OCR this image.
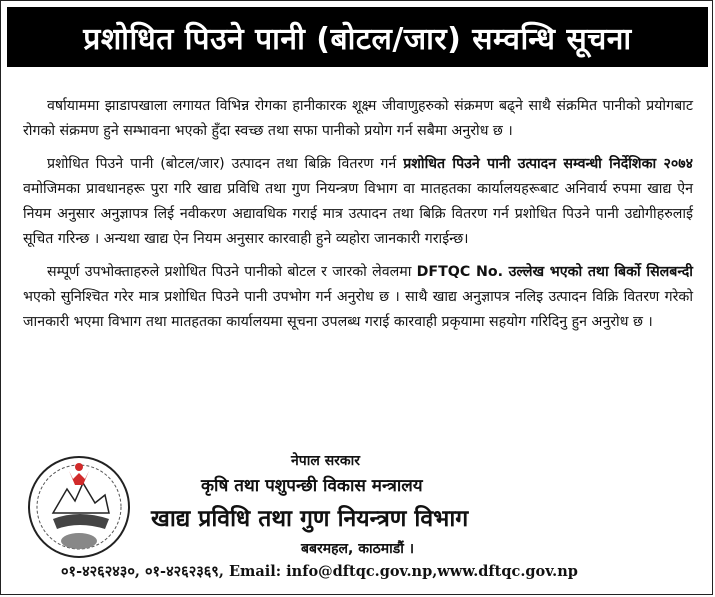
प्रशोधित पिउने पानी (बोटल/जार) सम्वन्धि सूचना

वर्षायाममा झाडापखाला लगायत विभिन्न रोगका हानीकारक शूक्ष्म जीवाणुहरुको संक्रमण बढ्ने साथै संक्रमित पानीको प्रयोगबाट रोगको संक्रमण हुने सम्भावना भएको हुँदा स्वच्छ तथा सफा पानीको प्रयोग गर्न सबैमा अनुरोध छ ।

प्रशोधित पिउने पानी (बोटल/जार) उत्पादन तथा बिक्रि वितरण गर्न प्रशोधित पिउने पानी उत्पादन सम्वन्धी निर्देशिका २०७४ वमोजिमका प्रावधानहरू पुरा गरि खाद्य प्रविधि तथा गुण नियन्त्रण विभाग वा मातहतका कार्यालयहरूबाट अनिवार्य रुपमा खाद्य ऐन नियम अनुसार अनुज्ञापत्र लिई नवीकरण अद्यावधिक गराई मात्र उत्पादन तथा बिक्रि वितरण गर्न प्रशोधित पिउने पानी उद्योगीहरुलाई सूचित गरिन्छ । अन्यथा खाद्य ऐन नियम अनुसार कारवाही हुने व्यहोरा जानकारी गराईन्छ।

सम्पूर्ण उपभोक्ताहरुले प्रशोधित पिउने पानीको बोटल र जारको लेवलमा DFTQC No. उल्लेख भएको तथा बिर्को सिलबन्दी भएको सुनिश्चित गरेर मात्र प्रशोधित पिउने पानी उपभोग गर्न अनुरोध छ । साथै खाद्य अनुज्ञापत्र नलिइ उत्पादन विक्रि वितरण गरेको जानकारी भएमा विभाग तथा मातहतका कार्यालयमा सूचना उपलब्ध गराई कारवाही प्रकृयामा सहयोग गरिदिनु हुन अनुरोध छ ।

नेपाल सरकार
कृषि तथा पशुपन्छी विकास मन्त्रालय
खाद्य प्रविधि तथा गुण नियन्त्रण विभाग
बबरमहल, काठमाडौं ।
०१-४२६२४३०, ०१-४२६२३६९, Email: info@dftqc.gov.np,www.dftqc.gov.np
